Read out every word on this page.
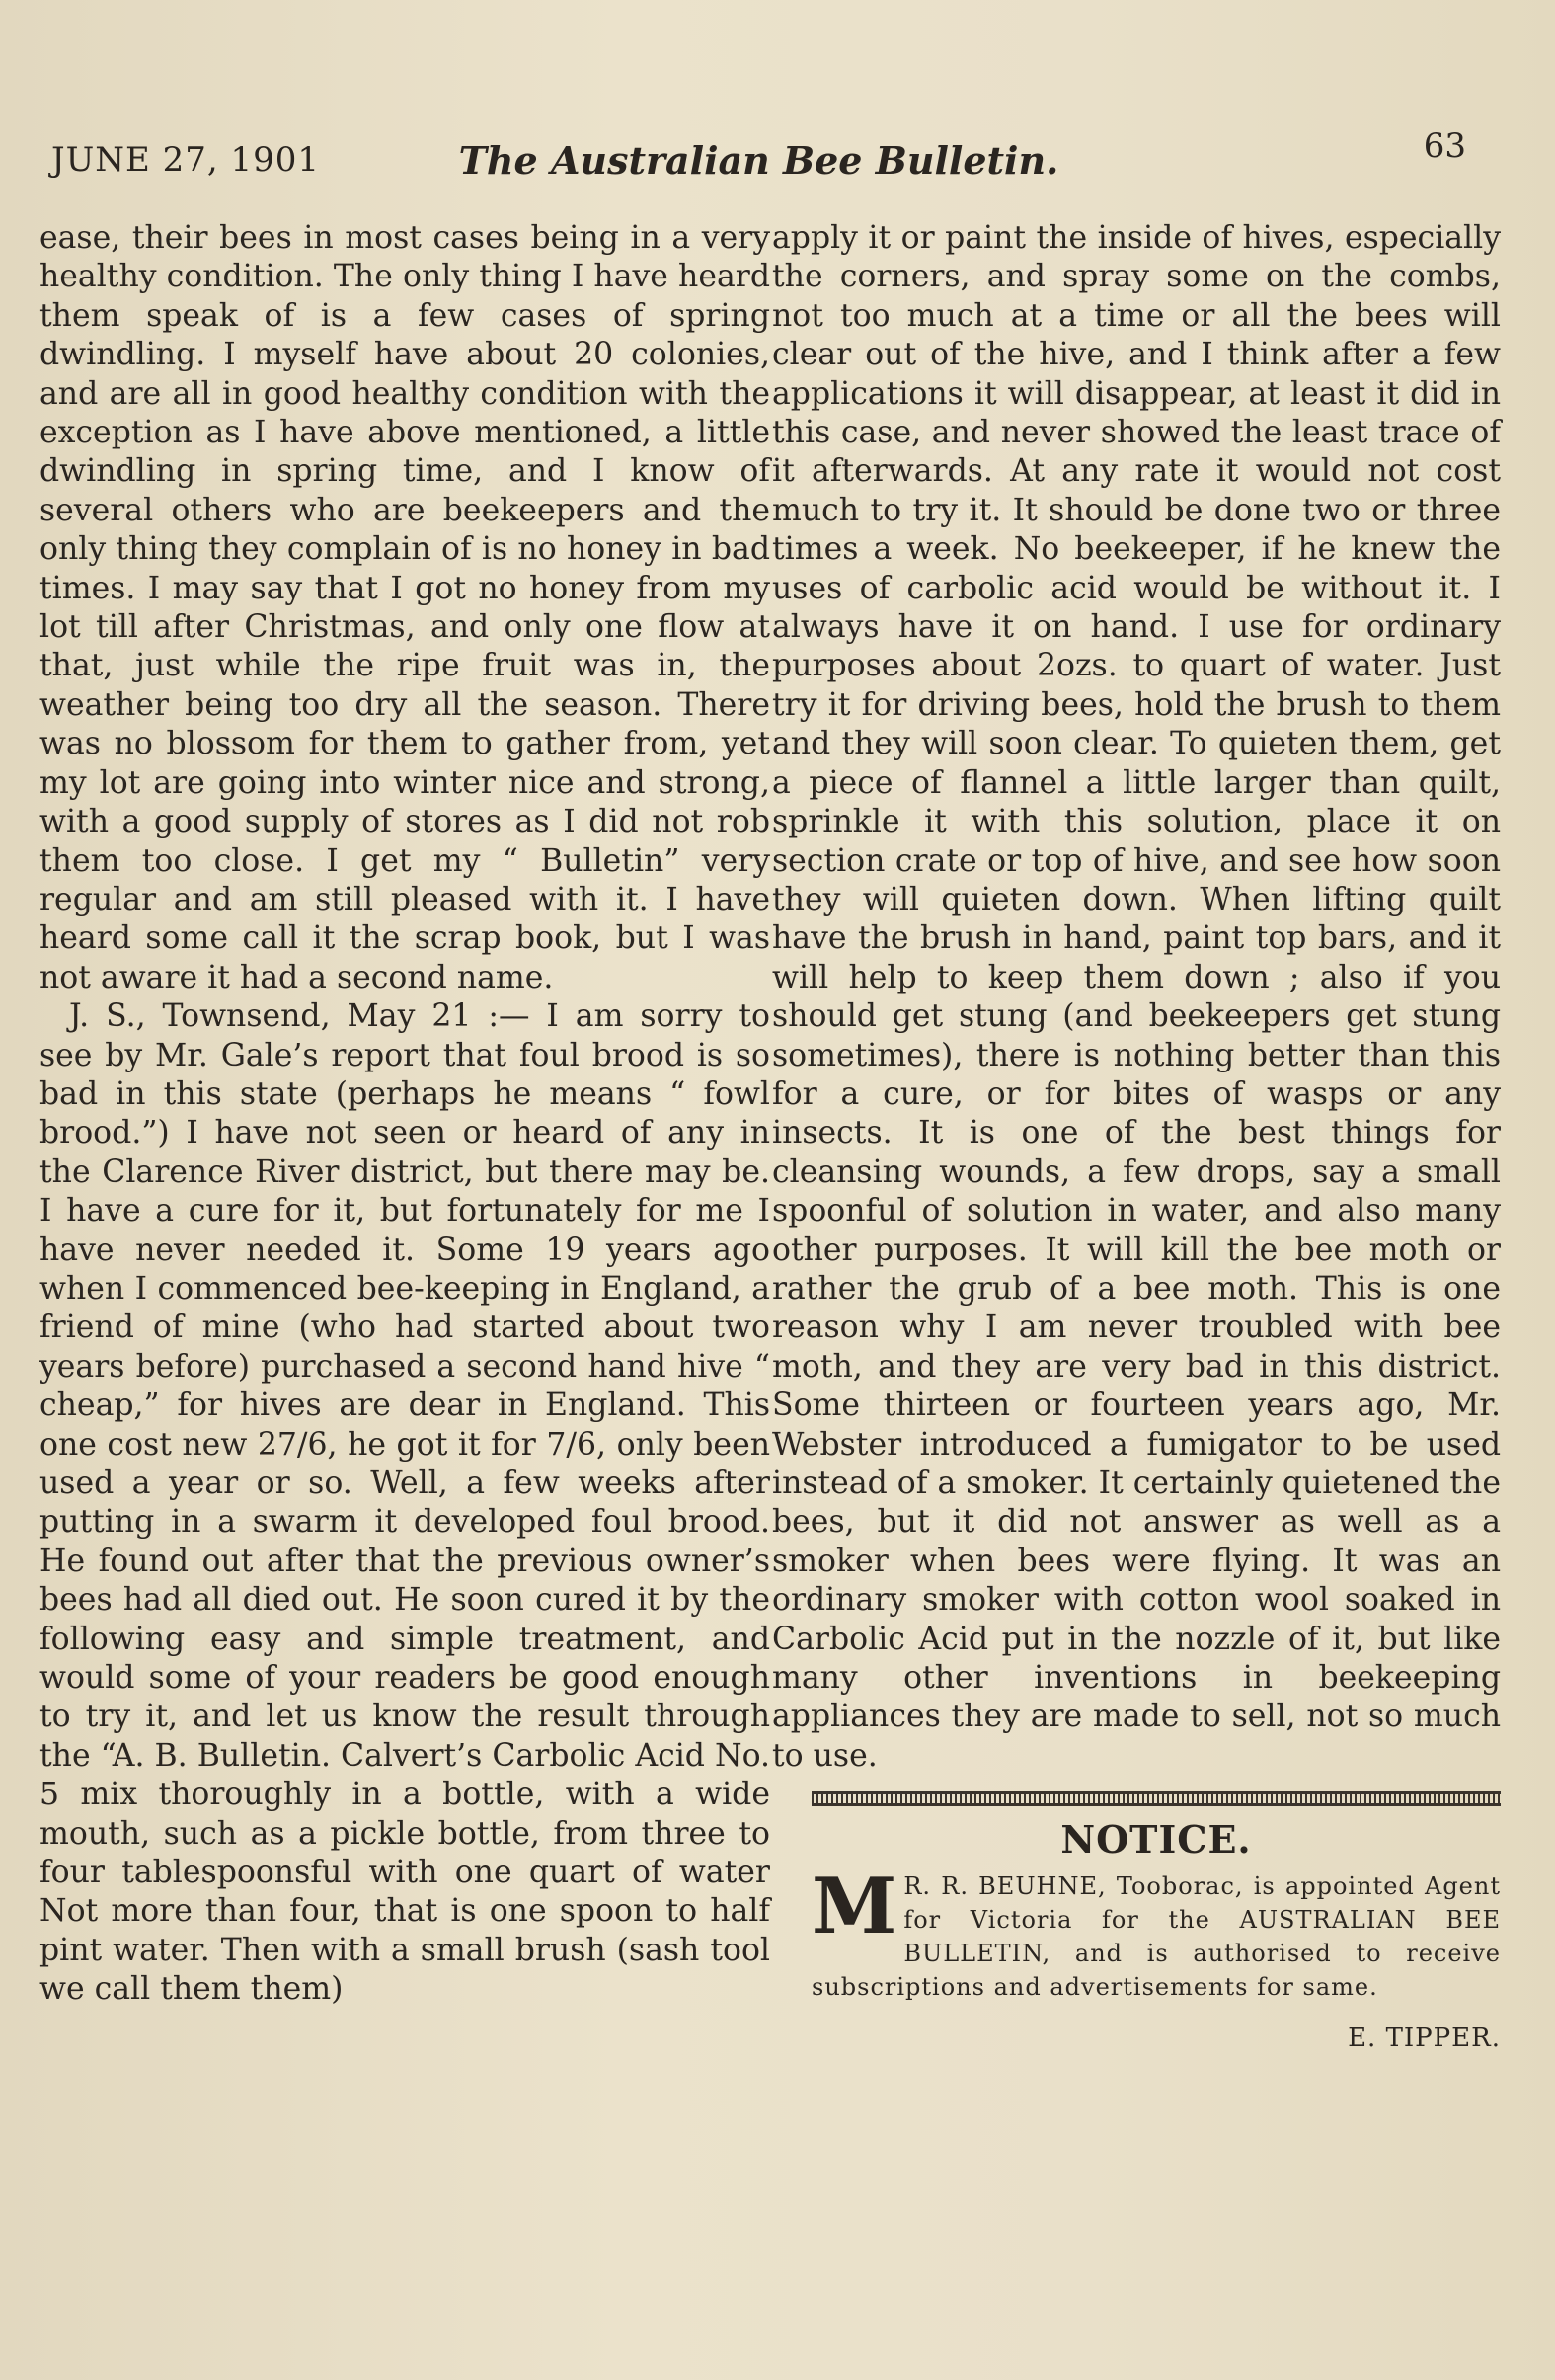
JUNE 27, 1901	The Australian Bee Bulletin.	63

ease, their bees in most cases being in a very healthy condition. The only thing I have heard them speak of is a few cases of spring dwindling. I myself have about 20 colonies, and are all in good healthy condition with the exception as I have above mentioned, a little dwindling in spring time, and I know of several others who are beekeepers and the only thing they complain of is no honey in bad times. I may say that I got no honey from my lot till after Christmas, and only one flow at that, just while the ripe fruit was in, the weather being too dry all the season. There was no blossom for them to gather from, yet my lot are going into winter nice and strong, with a good supply of stores as I did not rob them too close. I get my “ Bulletin” very regular and am still pleased with it. I have heard some call it the scrap book, but I was not aware it had a second name.

J. S., Townsend, May 21 :— I am sorry to see by Mr. Gale’s report that foul brood is so bad in this state (perhaps he means “ fowl brood.”) I have not seen or heard of any in the Clarence River district, but there may be. I have a cure for it, but fortunately for me I have never needed it. Some 19 years ago when I commenced bee-keeping in England, a friend of mine (who had started about two years before) purchased a second hand hive “ cheap,” for hives are dear in England. This one cost new 27/6, he got it for 7/6, only been used a year or so. Well, a few weeks after putting in a swarm it developed foul brood. He found out after that the previous owner’s bees had all died out. He soon cured it by the following easy and simple treatment, and would some of your readers be good enough to try it, and let us know the result through the “A. B. Bulletin. Calvert’s Carbolic Acid No. 5 mix thoroughly in a bottle, with a wide mouth, such as a pickle bottle, from three to four tablespoonsful with one quart of water Not more than four, that is one spoon to half pint water. Then with a small brush (sash tool we call them them)

apply it or paint the inside of hives, especially the corners, and spray some on the combs, not too much at a time or all the bees will clear out of the hive, and I think after a few applications it will disappear, at least it did in this case, and never showed the least trace of it afterwards. At any rate it would not cost much to try it. It should be done two or three times a week. No beekeeper, if he knew the uses of carbolic acid would be without it. I always have it on hand. I use for ordinary purposes about 2ozs. to quart of water. Just try it for driving bees, hold the brush to them and they will soon clear. To quieten them, get a piece of flannel a little larger than quilt, sprinkle it with this solution, place it on section crate or top of hive, and see how soon they will quieten down. When lifting quilt have the brush in hand, paint top bars, and it will help to keep them down ; also if you should get stung (and beekeepers get stung sometimes), there is nothing better than this for a cure, or for bites of wasps or any insects. It is one of the best things for cleansing wounds, a few drops, say a small spoonful of solution in water, and also many other purposes. It will kill the bee moth or rather the grub of a bee moth. This is one reason why I am never troubled with bee moth, and they are very bad in this district. Some thirteen or fourteen years ago, Mr. Webster introduced a fumigator to be used instead of a smoker. It certainly quietened the bees, but it did not answer as well as a smoker when bees were flying. It was an ordinary smoker with cotton wool soaked in Carbolic Acid put in the nozzle of it, but like many other inventions in beekeeping appliances they are made to sell, not so much to use.

NOTICE.
M R. R. BEUHNE, Tooborac, is appointed Agent for Victoria for the AUSTRALIAN BEE BULLETIN, and is authorised to receive subscriptions and advertisements for same.
E. TIPPER.
